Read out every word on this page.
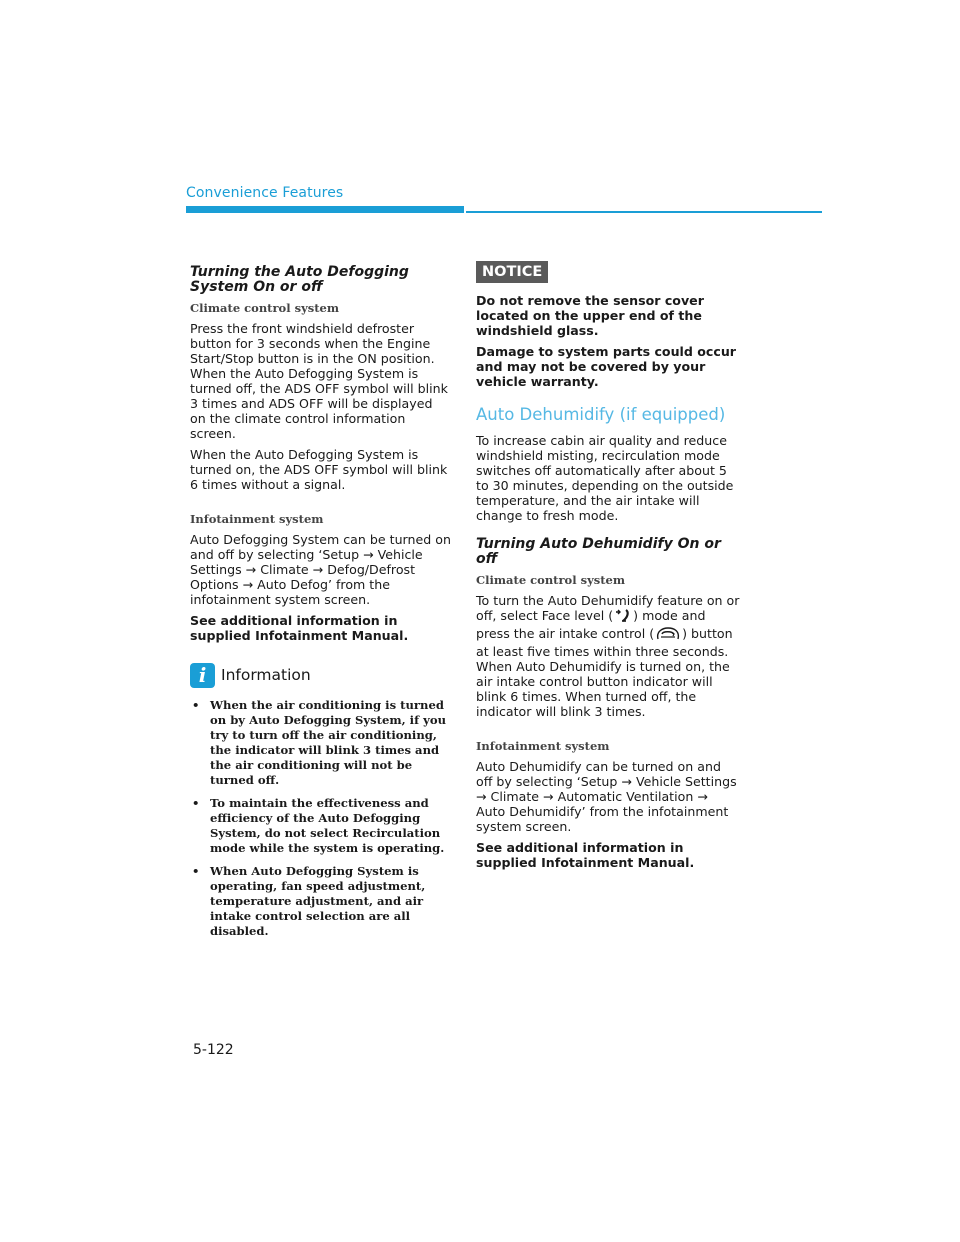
Convenience Features
Turning the Auto Defogging System On or off
Climate control system

Press the front windshield defroster button for 3 seconds when the Engine Start/Stop button is in the ON position. When the Auto Defogging System is turned off, the ADS OFF symbol will blink 3 times and ADS OFF will be displayed on the climate control information screen.

When the Auto Defogging System is turned on, the ADS OFF symbol will blink 6 times without a signal.

Infotainment system

Auto Defogging System can be turned on and off by selecting ‘Setup → Vehicle Settings → Climate → Defog/Defrost Options → Auto Defog’ from the infotainment system screen.

See additional information in supplied Infotainment Manual.

i Information
• When the air conditioning is turned on by Auto Defogging System, if you try to turn off the air conditioning, the indicator will blink 3 times and the air conditioning will not be turned off.
• To maintain the effectiveness and efficiency of the Auto Defogging System, do not select Recirculation mode while the system is operating.
• When Auto Defogging System is operating, fan speed adjustment, temperature adjustment, and air intake control selection are all disabled.
NOTICE

Do not remove the sensor cover located on the upper end of the windshield glass.

Damage to system parts could occur and may not be covered by your vehicle warranty.

Auto Dehumidify (if equipped)

To increase cabin air quality and reduce windshield misting, recirculation mode switches off automatically after about 5 to 30 minutes, depending on the outside temperature, and the air intake will change to fresh mode.

Turning Auto Dehumidify On or off
Climate control system

To turn the Auto Dehumidify feature on or off, select Face level ( ) mode and press the air intake control ( ) button at least five times within three seconds. When Auto Dehumidify is turned on, the air intake control button indicator will blink 6 times. When turned off, the indicator will blink 3 times.

Infotainment system

Auto Dehumidify can be turned on and off by selecting ‘Setup → Vehicle Settings → Climate → Automatic Ventilation → Auto Dehumidify’ from the infotainment system screen.

See additional information in supplied Infotainment Manual.

5-122
